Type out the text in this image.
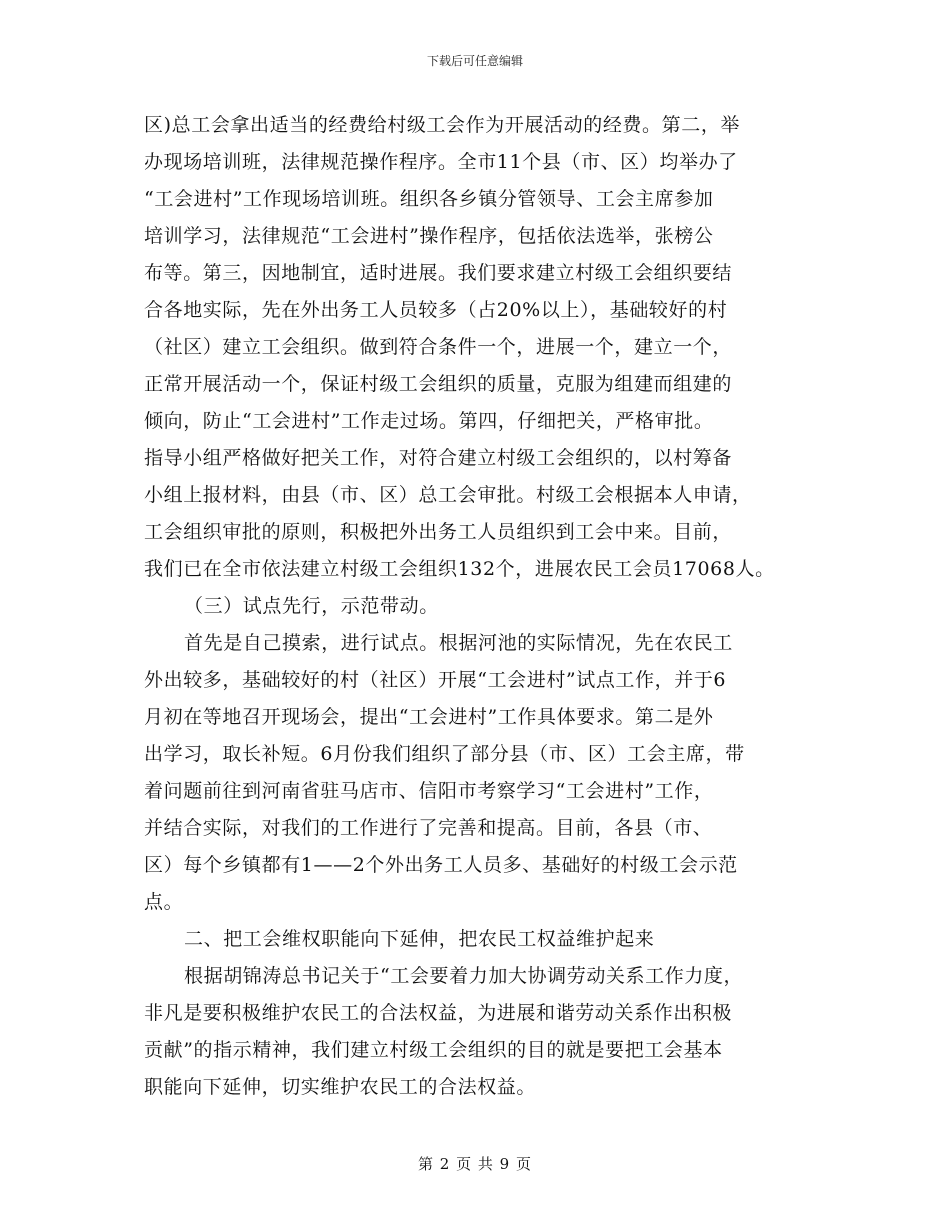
下载后可任意编辑
区)总工会拿出适当的经费给村级工会作为开展活动的经费。第二，举
办现场培训班，法律规范操作程序。全市11个县（市、区）均举办了
“工会进村”工作现场培训班。组织各乡镇分管领导、工会主席参加
培训学习，法律规范“工会进村”操作程序，包括依法选举，张榜公
布等。第三，因地制宜，适时进展。我们要求建立村级工会组织要结
合各地实际，先在外出务工人员较多（占20%以上），基础较好的村
（社区）建立工会组织。做到符合条件一个，进展一个，建立一个，
正常开展活动一个，保证村级工会组织的质量，克服为组建而组建的
倾向，防止“工会进村”工作走过场。第四，仔细把关，严格审批。
指导小组严格做好把关工作，对符合建立村级工会组织的，以村筹备
小组上报材料，由县（市、区）总工会审批。村级工会根据本人申请，
工会组织审批的原则，积极把外出务工人员组织到工会中来。目前，
我们已在全市依法建立村级工会组织132个，进展农民工会员17068人。
（三）试点先行，示范带动。
首先是自己摸索，进行试点。根据河池的实际情况，先在农民工
外出较多，基础较好的村（社区）开展“工会进村”试点工作，并于6
月初在等地召开现场会，提出“工会进村”工作具体要求。第二是外
出学习，取长补短。6月份我们组织了部分县（市、区）工会主席，带
着问题前往到河南省驻马店市、信阳市考察学习“工会进村”工作，
并结合实际，对我们的工作进行了完善和提高。目前，各县（市、
区）每个乡镇都有1——2个外出务工人员多、基础好的村级工会示范
点。
二、把工会维权职能向下延伸，把农民工权益维护起来
根据胡锦涛总书记关于“工会要着力加大协调劳动关系工作力度，
非凡是要积极维护农民工的合法权益，为进展和谐劳动关系作出积极
贡献”的指示精神，我们建立村级工会组织的目的就是要把工会基本
职能向下延伸，切实维护农民工的合法权益。
第 2 页 共 9 页
